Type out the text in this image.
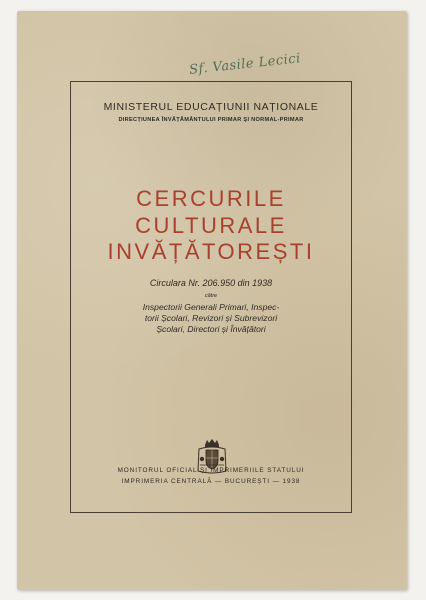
Sf. Vasile Lecici
MINISTERUL EDUCAȚIUNII NAȚIONALE
DIRECȚIUNEA ÎNVĂȚĂMÂNTULUI PRIMAR ȘI NORMAL-PRIMAR
CERCURILE
CULTURALE
INVĂȚĂTOREȘTI
Circulara Nr. 206.950 din 1938
către
Inspectorii Generali Primari, Inspec-
torii Școlari, Revizori și Subrevizori
Școlari, Directori și Învățători
MONITORUL OFICIAL ȘI IMPRIMERIILE STATULUI
IMPRIMERIA CENTRALĂ — BUCUREȘTI — 1938
